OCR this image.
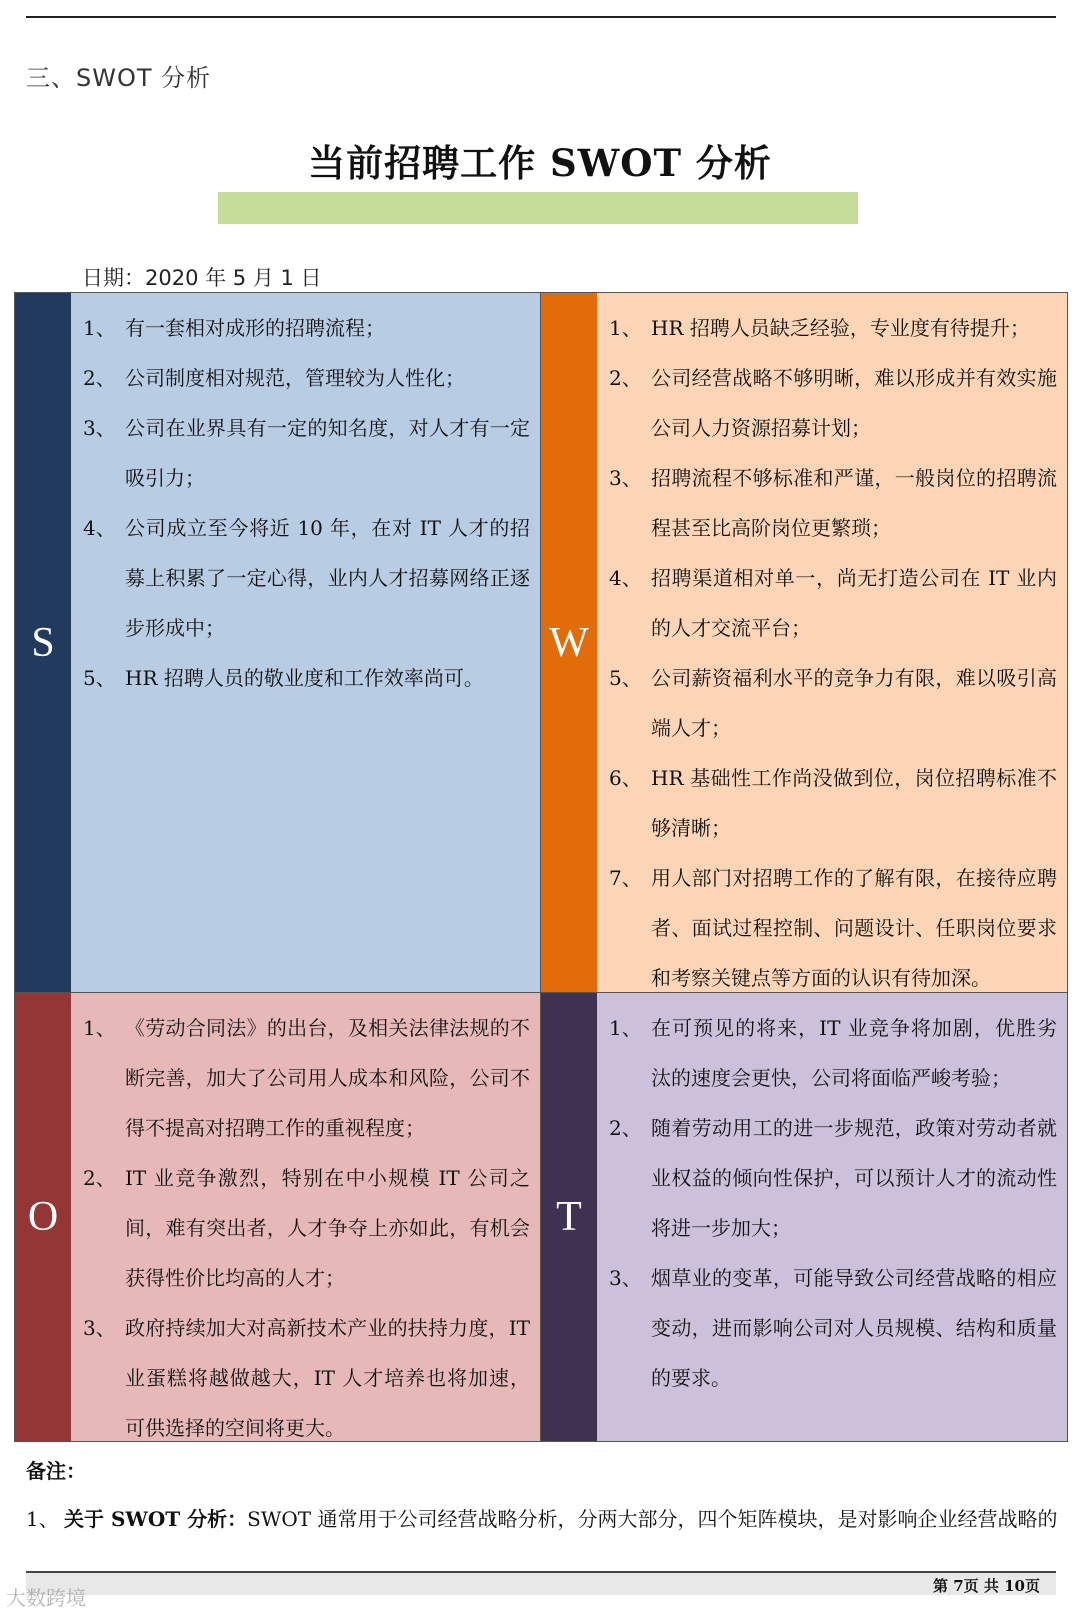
三、SWOT 分析
当前招聘工作 SWOT 分析
日期：2020 年 5 月 1 日
S
1、 有一套相对成形的招聘流程；
2、 公司制度相对规范，管理较为人性化；
3、 公司在业界具有一定的知名度，对人才有一定吸引力；
4、 公司成立至今将近 10 年，在对 IT 人才的招募上积累了一定心得，业内人才招募网络正逐步形成中；
5、 HR 招聘人员的敬业度和工作效率尚可。
W
1、 HR 招聘人员缺乏经验，专业度有待提升；
2、 公司经营战略不够明晰，难以形成并有效实施公司人力资源招募计划；
3、 招聘流程不够标准和严谨，一般岗位的招聘流程甚至比高阶岗位更繁琐；
4、 招聘渠道相对单一，尚无打造公司在 IT 业内的人才交流平台；
5、 公司薪资福利水平的竞争力有限，难以吸引高端人才；
6、 HR 基础性工作尚没做到位，岗位招聘标准不够清晰；
7、 用人部门对招聘工作的了解有限，在接待应聘者、面试过程控制、问题设计、任职岗位要求和考察关键点等方面的认识有待加深。
O
1、 《劳动合同法》的出台，及相关法律法规的不断完善，加大了公司用人成本和风险，公司不得不提高对招聘工作的重视程度；
2、 IT 业竞争激烈，特别在中小规模 IT 公司之间，难有突出者，人才争夺上亦如此，有机会获得性价比均高的人才；
3、 政府持续加大对高新技术产业的扶持力度，IT 业蛋糕将越做越大，IT 人才培养也将加速，可供选择的空间将更大。
T
1、 在可预见的将来，IT 业竞争将加剧，优胜劣汰的速度会更快，公司将面临严峻考验；
2、 随着劳动用工的进一步规范，政策对劳动者就业权益的倾向性保护，可以预计人才的流动性将进一步加大；
3、 烟草业的变革，可能导致公司经营战略的相应变动，进而影响公司对人员规模、结构和质量的要求。
备注：
1、 关于 SWOT 分析：SWOT 通常用于公司经营战略分析，分两大部分，四个矩阵模块，是对影响企业经营战略的
第 7页 共 10页
大数跨境
